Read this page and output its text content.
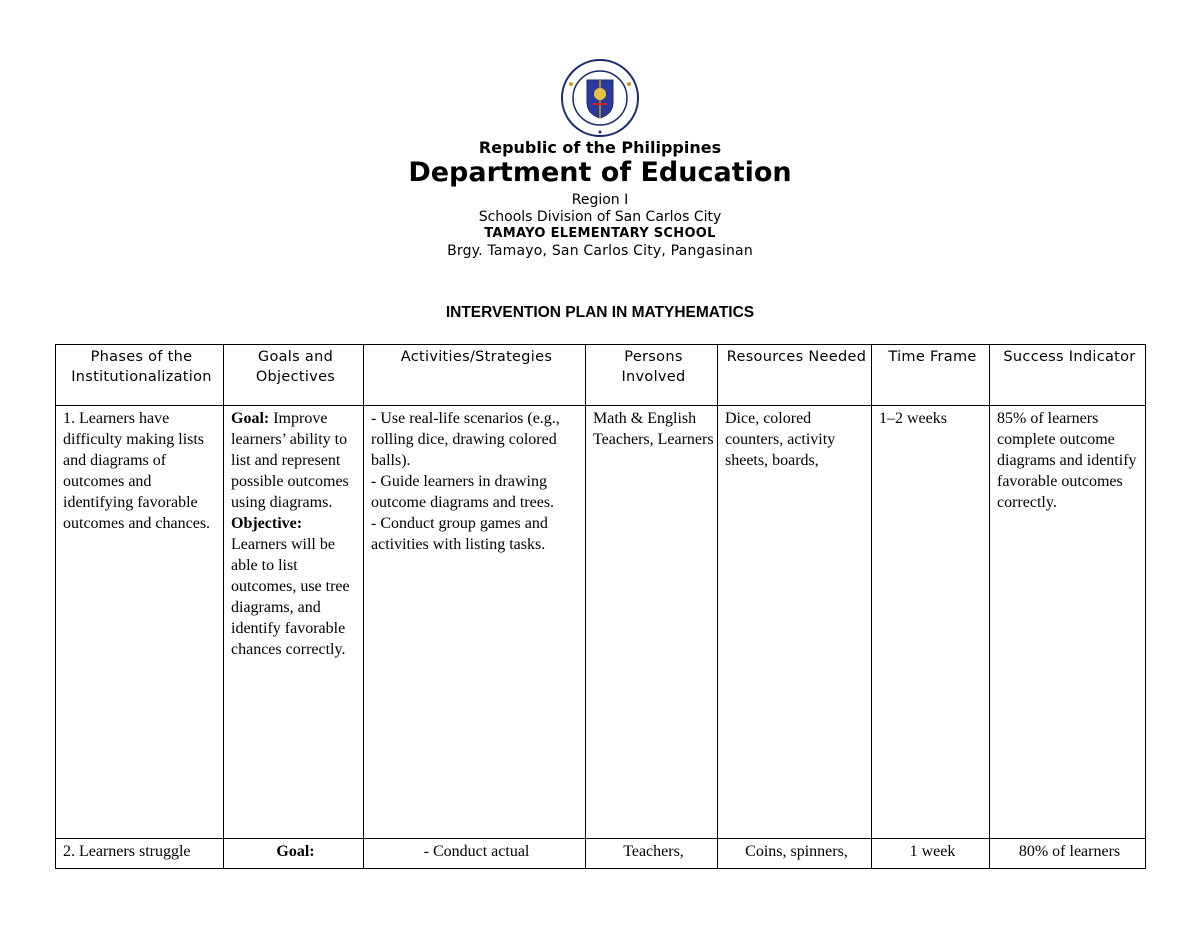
Republic of the Philippines
Department of Education
Region I
Schools Division of San Carlos City
TAMAYO ELEMENTARY SCHOOL
Brgy. Tamayo, San Carlos City, Pangasinan
INTERVENTION PLAN IN MATYHEMATICS
Phases of the Institutionalization	Goals and Objectives	Activities/Strategies	Persons Involved	Resources Needed	Time Frame	Success Indicator
1. Learners have difficulty making lists and diagrams of outcomes and identifying favorable outcomes and chances.	Goal: Improve learners’ ability to list and represent possible outcomes using diagrams.
Objective:
Learners will be able to list outcomes, use tree diagrams, and identify favorable chances correctly.	- Use real-life scenarios (e.g., rolling dice, drawing colored balls).
- Guide learners in drawing outcome diagrams and trees.
- Conduct group games and activities with listing tasks.	Math & English Teachers, Learners	Dice, colored counters, activity sheets, boards,	1–2 weeks	85% of learners complete outcome diagrams and identify favorable outcomes correctly.
2. Learners struggle	Goal:	- Conduct actual	Teachers,	Coins, spinners,	1 week	80% of learners
